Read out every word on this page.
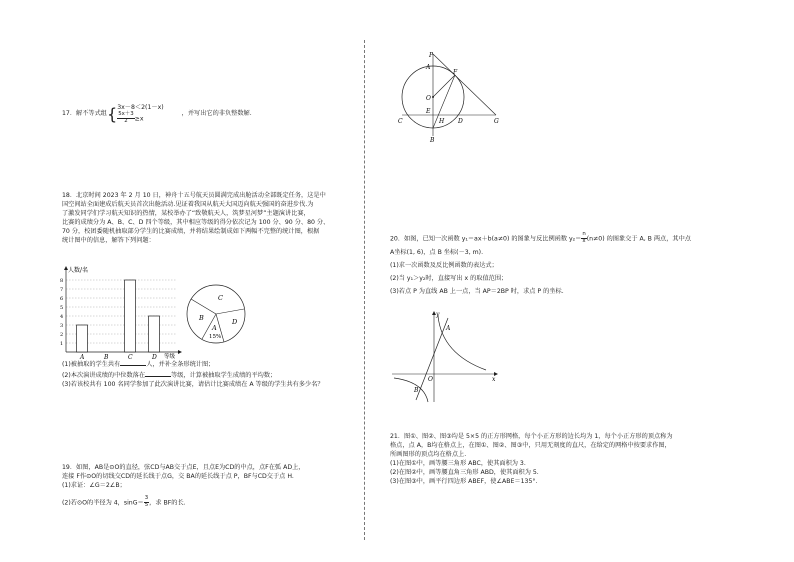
17．解不等式组{ 3x－8＜2(1－x)
$\frac{5x+3}{2} \ge x$
，并写出它的非负整数解.
18．北京时间 2023 年 2 月 10 日，神舟十五号航天员圆满完成出舱活动全部既定任务，这是中
国空间站全面建成后航天员首次出舱活动.见证着我国从航天大国迈向航天强国的奋进步伐.为
了激发同学们学习航天知识的热情，某校举办了“致敬航天人，筑梦星河梦”主题演讲比赛，
比赛的成绩分为 A、B、C、D 四个等级，其中相应等级的得分依次记为 100 分、90 分、80 分、
70 分，校团委随机抽取部分学生的比赛成绩，并将结果绘制成如下两幅不完整的统计图，根据
统计图中的信息，解答下列问题：
人数/名
等级
1
2
3
4
5
6
7
8
A	B	C	D
C
B	D
A
15%
(1)被抽取的学生共有	人，并补全条形统计图；
(2)本次演讲成绩的中位数落在	等级，计算被抽取学生成绩的平均数；
(3)若该校共有 100 名同学参加了此次演讲比赛，请估计比赛成绩在 A 等级的学生共有多少名？
19．如图，AB是⊙O的直径，弦CD与AB交于点E，且点E为CD的中点，点F在弧 AD上，
连接 F作⊙O的切线交CD的延长线于点G，交 BA的延长线于点 P，BF与CD交于点 H.
(1)求证：∠G＝2∠B；
(2)若⊙O的半径为 4，$\sin G= \frac{3}{5}$ ，求 BF的长.
P
A
F
O
E
H
C	D	G
B
20．如图，已知一次函数 y₁＝ax＋b(a≠0) 的图象与反比例函数 $y_2= \frac{n}{x} (n\ne 0)$ 的图象交于 A, B 两点，其中点
A坐标(1, 6)，点 B 坐标(－3, m).
(1)求一次函数及反比例函数的表达式；
(2)当 y₁＞y₂时，直接写出 x 的取值范围；
(3)若点 P 为直线 AB 上一点，当 AP＝2BP 时，求点 P 的坐标.
y
A
O	x
B
21．图①、图②、图③均是 5×5 的正方形网格，每个小正方形的边长均为 1，每个小正方形的顶点称为
格点，点 A，B均在格点上，在图①、图②、图③中，只用无刻度的直尺，在给定的网格中按要求作图，
所画图形的顶点均在格点上.
(1)在图①中，画等腰三角形 ABC，使其面积为 3.
(2)在图②中，画等腰直角三角形 ABD，使其面积为 5.
(3)在图③中，画平行四边形 ABEF，使∠ABE＝135°.
